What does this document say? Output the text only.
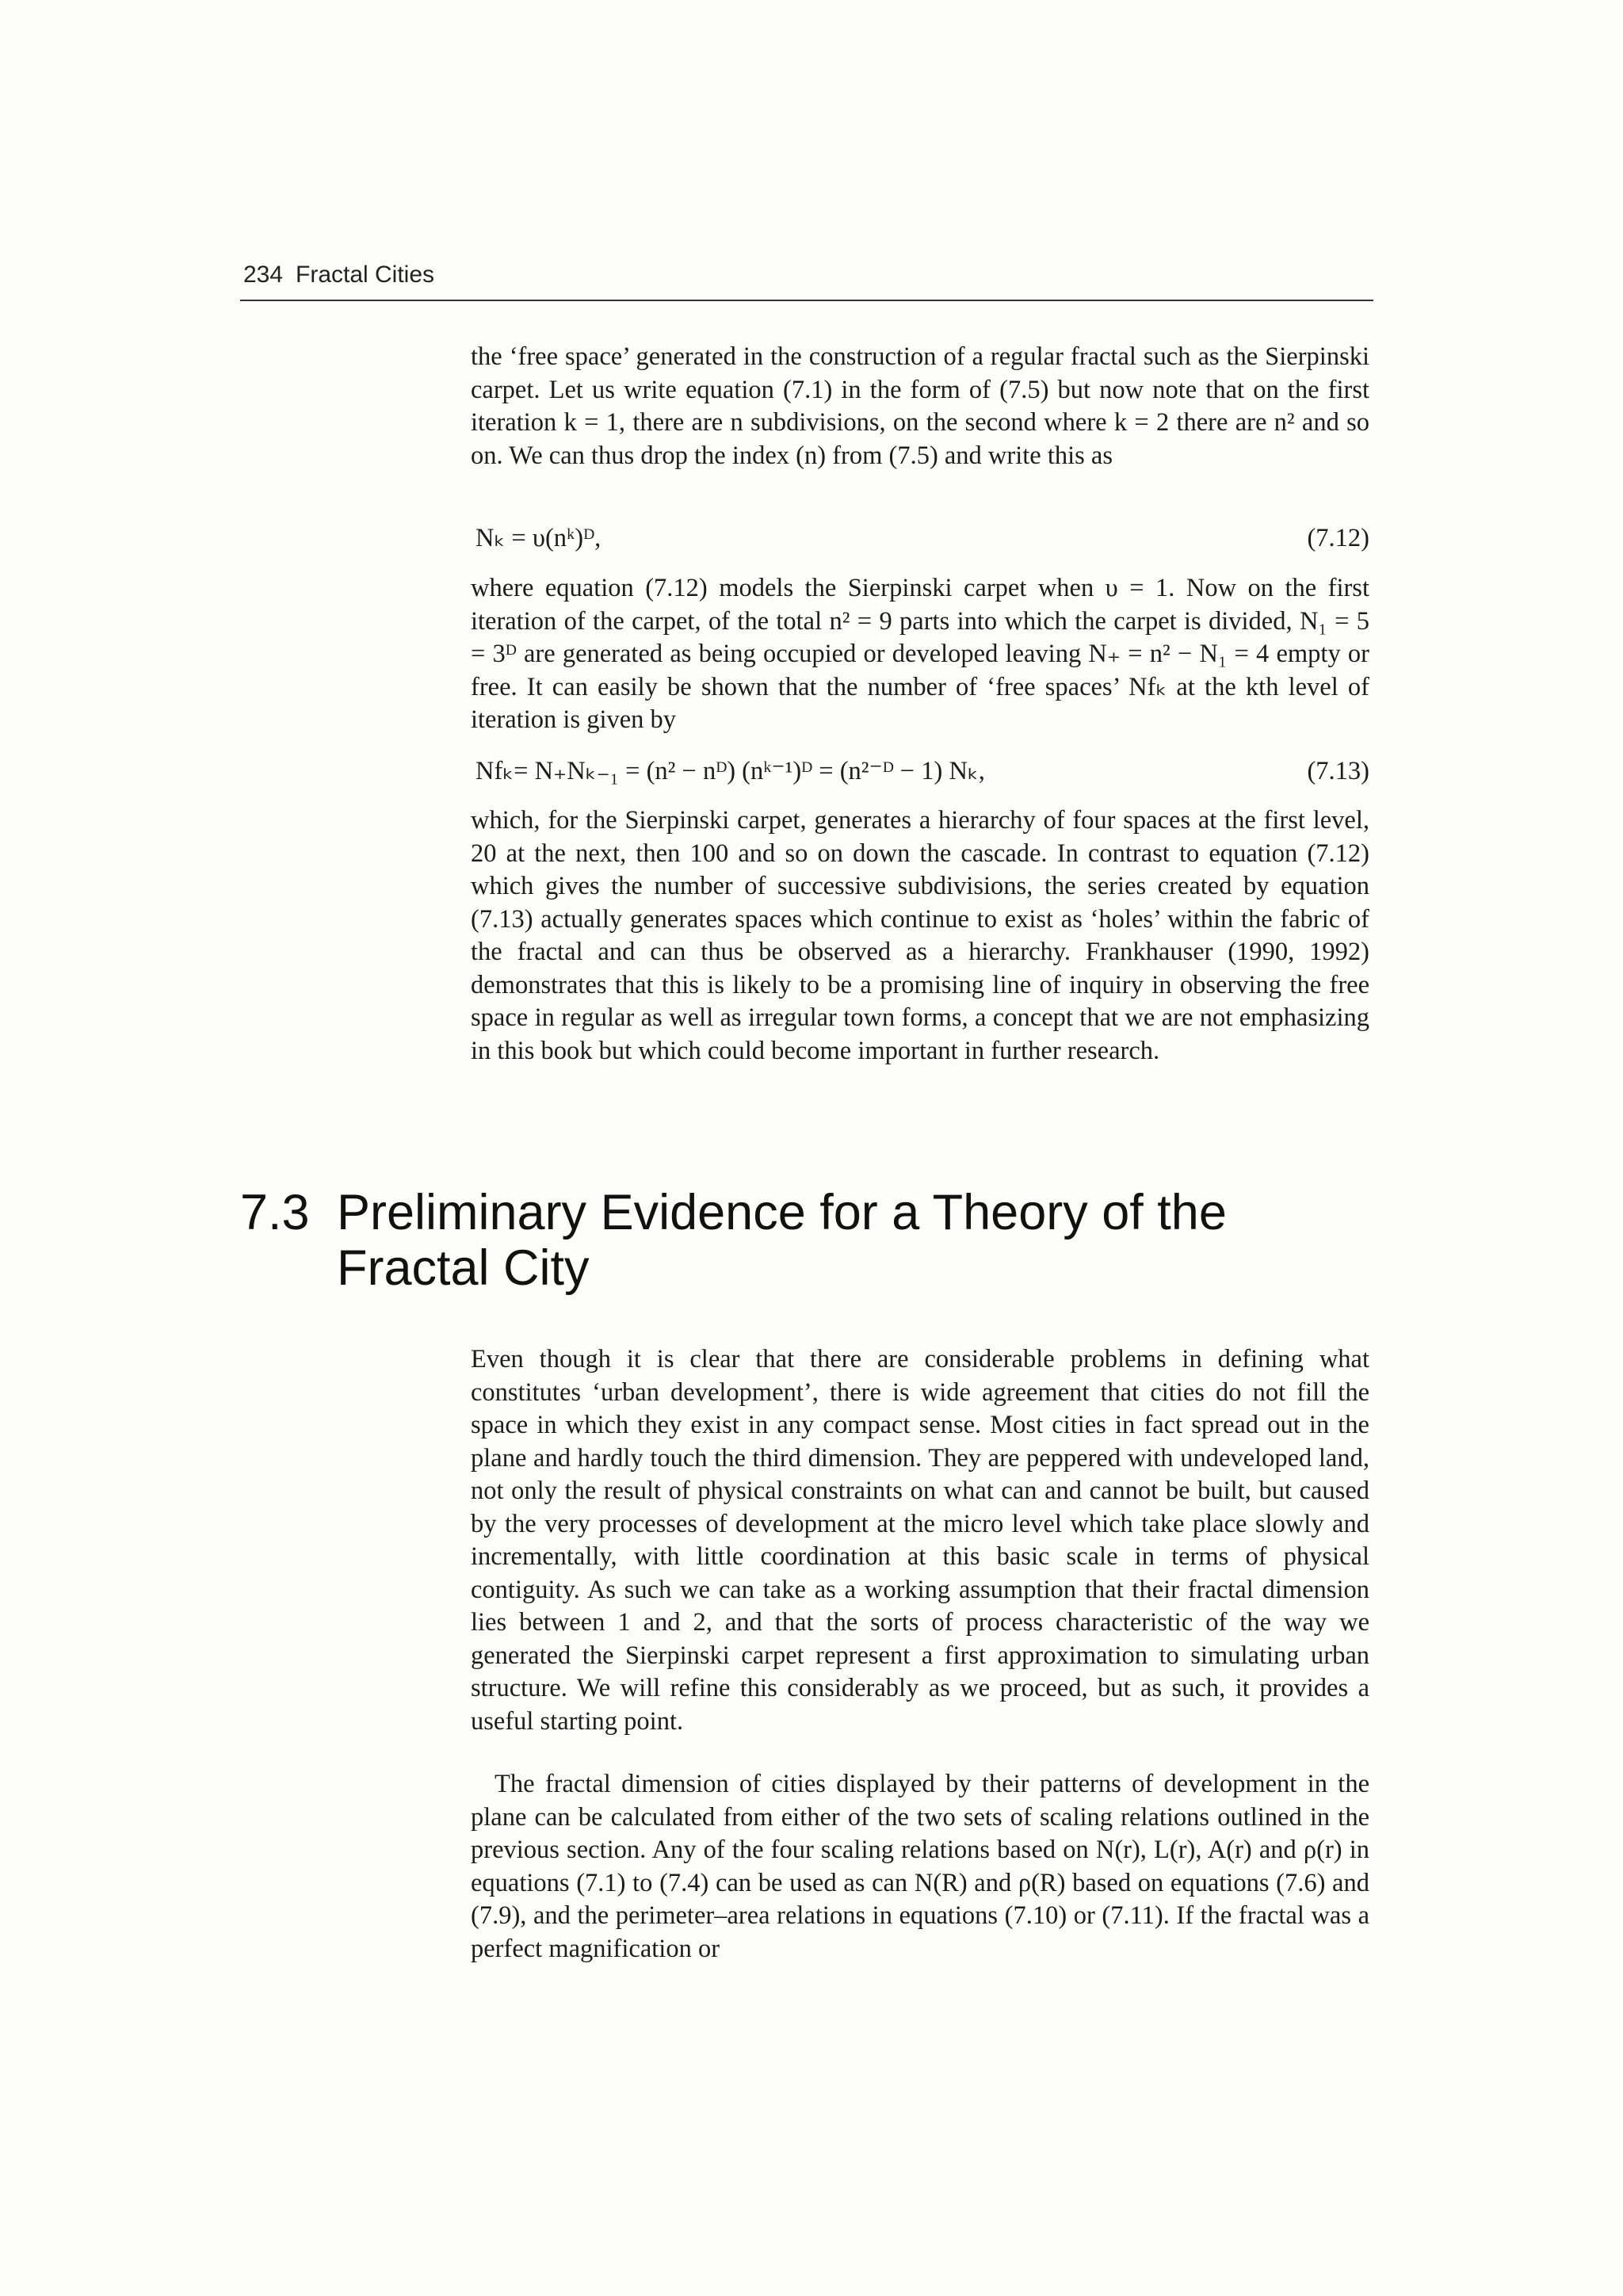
234 Fractal Cities

the ‘free space’ generated in the construction of a regular fractal such as the Sierpinski carpet. Let us write equation (7.1) in the form of (7.5) but now note that on the first iteration k = 1, there are n subdivisions, on the second where k = 2 there are n² and so on. We can thus drop the index (n) from (7.5) and write this as

Nₖ = υ(nᵏ)ᴰ,	(7.12)

where equation (7.12) models the Sierpinski carpet when υ = 1. Now on the first iteration of the carpet, of the total n² = 9 parts into which the carpet is divided, N₁ = 5 = 3ᴰ are generated as being occupied or developed leaving N₊ = n² − N₁ = 4 empty or free. It can easily be shown that the number of ‘free spaces’ Nfₖ at the kth level of iteration is given by

Nfₖ= N₊Nₖ₋₁ = (n² − nᴰ) (nᵏ⁻¹)ᴰ = (n²⁻ᴰ − 1) Nₖ,	(7.13)

which, for the Sierpinski carpet, generates a hierarchy of four spaces at the first level, 20 at the next, then 100 and so on down the cascade. In contrast to equation (7.12) which gives the number of successive subdivisions, the series created by equation (7.13) actually generates spaces which continue to exist as ‘holes’ within the fabric of the fractal and can thus be observed as a hierarchy. Frankhauser (1990, 1992) demonstrates that this is likely to be a promising line of inquiry in observing the free space in regular as well as irregular town forms, a concept that we are not emphasizing in this book but which could become important in further research.

7.3 Preliminary Evidence for a Theory of the Fractal City

Even though it is clear that there are considerable problems in defining what constitutes ‘urban development’, there is wide agreement that cities do not fill the space in which they exist in any compact sense. Most cities in fact spread out in the plane and hardly touch the third dimension. They are peppered with undeveloped land, not only the result of physical constraints on what can and cannot be built, but caused by the very processes of development at the micro level which take place slowly and incrementally, with little coordination at this basic scale in terms of physical contiguity. As such we can take as a working assumption that their fractal dimension lies between 1 and 2, and that the sorts of process characteristic of the way we generated the Sierpinski carpet represent a first approximation to simulating urban structure. We will refine this considerably as we proceed, but as such, it provides a useful starting point.

The fractal dimension of cities displayed by their patterns of development in the plane can be calculated from either of the two sets of scaling relations outlined in the previous section. Any of the four scaling relations based on N(r), L(r), A(r) and ρ(r) in equations (7.1) to (7.4) can be used as can N(R) and ρ(R) based on equations (7.6) and (7.9), and the perimeter–area relations in equations (7.10) or (7.11). If the fractal was a perfect magnification or
